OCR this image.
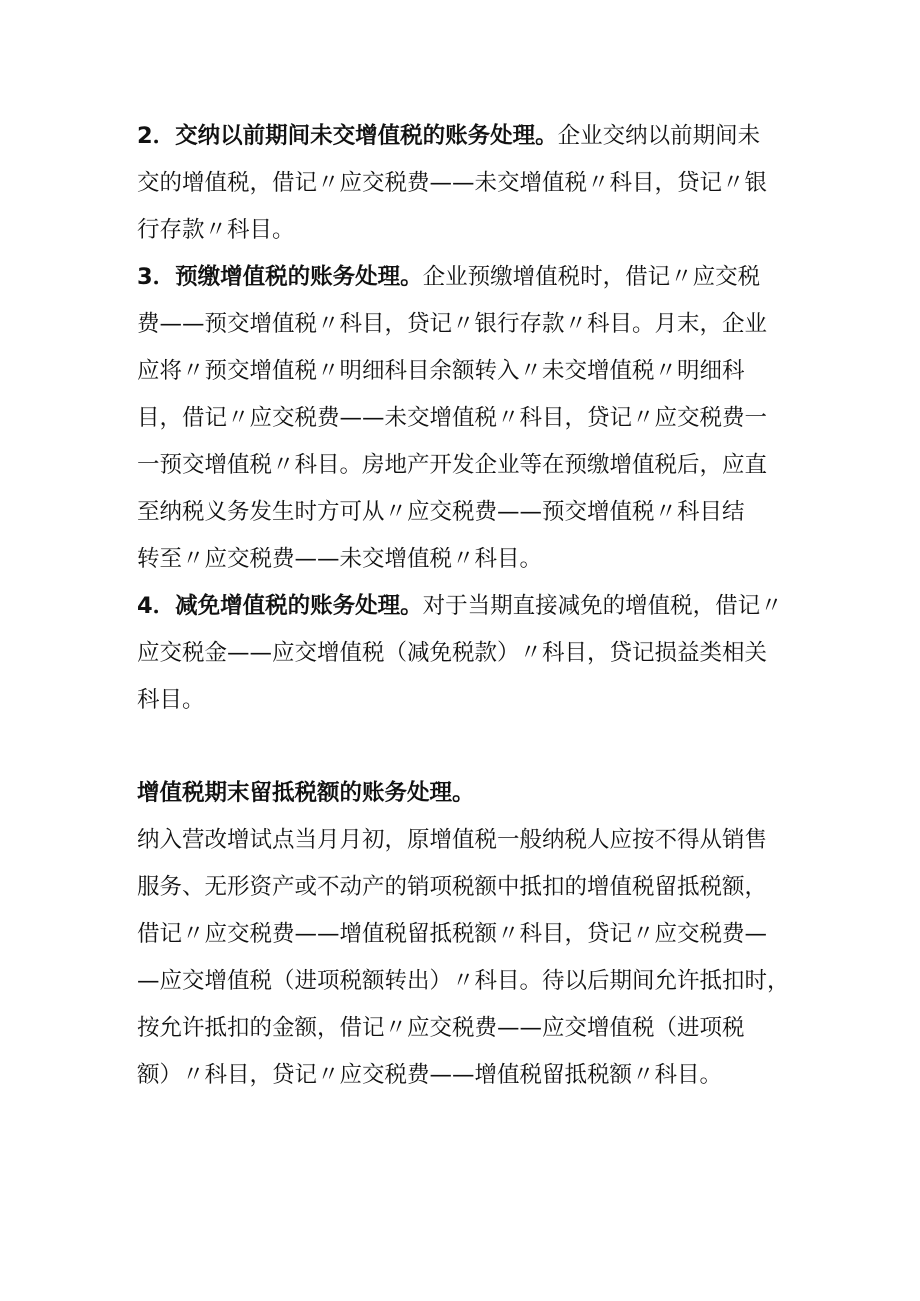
2．交纳以前期间未交增值税的账务处理。企业交纳以前期间未

交的增值税，借记〃应交税费——未交增值税〃科目，贷记〃银

行存款〃科目。

3．预缴增值税的账务处理。企业预缴增值税时，借记〃应交税

费——预交增值税〃科目，贷记〃银行存款〃科目。月末，企业

应将〃预交增值税〃明细科目余额转入〃未交增值税〃明细科

目，借记〃应交税费——未交增值税〃科目，贷记〃应交税费一

一预交增值税〃科目。房地产开发企业等在预缴增值税后，应直

至纳税义务发生时方可从〃应交税费——预交增值税〃科目结

转至〃应交税费——未交增值税〃科目。

4．减免增值税的账务处理。对于当期直接减免的增值税，借记〃

应交税金——应交增值税（减免税款）〃科目，贷记损益类相关

科目。

增值税期末留抵税额的账务处理。

纳入营改增试点当月月初，原增值税一般纳税人应按不得从销售

服务、无形资产或不动产的销项税额中抵扣的增值税留抵税额，

借记〃应交税费——增值税留抵税额〃科目，贷记〃应交税费—

—应交增值税（进项税额转出）〃科目。待以后期间允许抵扣时，

按允许抵扣的金额，借记〃应交税费——应交增值税（进项税

额）〃科目，贷记〃应交税费——增值税留抵税额〃科目。
